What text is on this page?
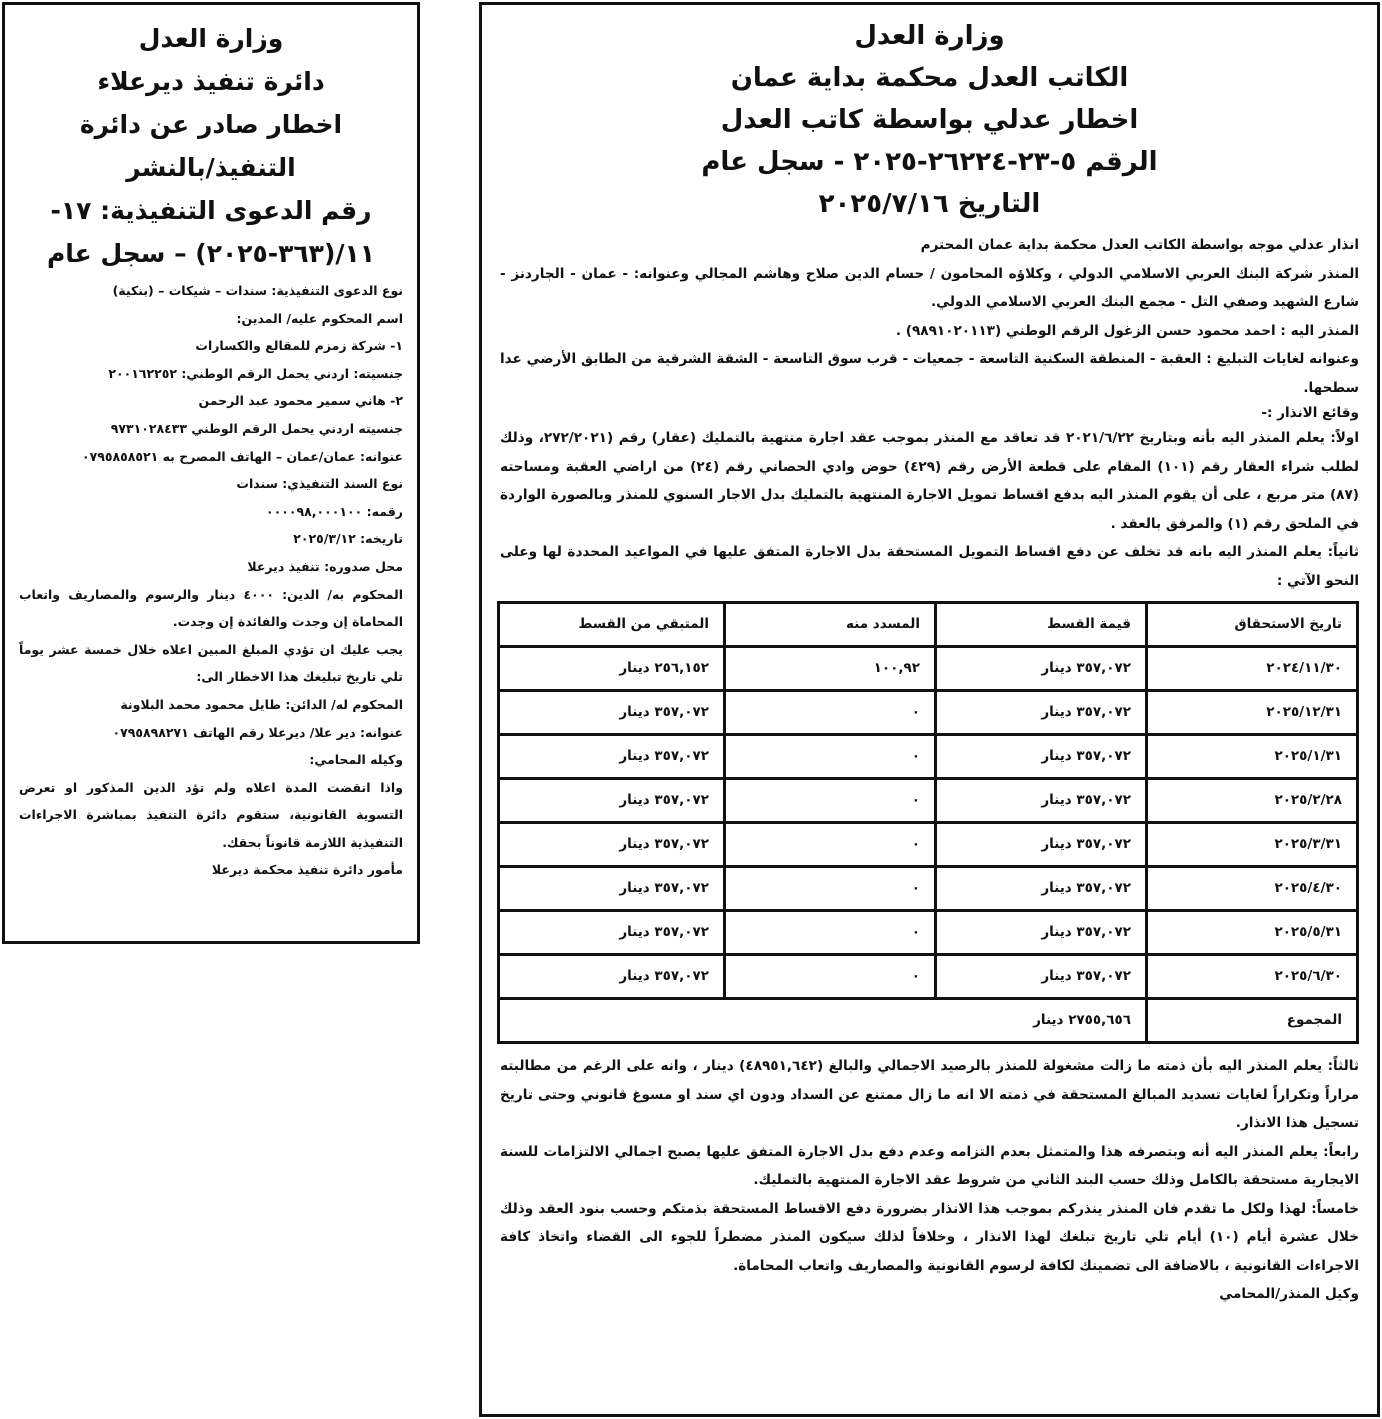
وزارة العدل
دائرة تنفيذ ديرعلاء
اخطار صادر عن دائرة
التنفيذ/بالنشر
رقم الدعوى التنفيذية: ١٧-
١١/(٣٦٣-٢٠٢٥) – سجل عام

نوع الدعوى التنفيذية: سندات – شيكات – (بنكية)

اسم المحكوم عليه/ المدين:

١- شركة زمزم للمقالع والكسارات

جنسيته: اردني يحمل الرقم الوطني: ٢٠٠١٦٢٢٥٢

٢- هاني سمير محمود عبد الرحمن

جنسيته اردني يحمل الرقم الوطني ٩٧٣١٠٢٨٤٣٣

عنوانه: عمان/عمان – الهاتف المصرح به ٠٧٩٥٨٥٨٥٢١

نوع السند التنفيذي: سندات

رقمه: ٠٠٠٠٩٨,٠٠٠١٠٠

تاريخه: ٢٠٢٥/٣/١٢

محل صدوره: تنفيذ ديرعلا

المحكوم به/ الدين: ٤٠٠٠ دينار والرسوم والمصاريف واتعاب المحاماة إن وجدت والفائدة إن وجدت.

يجب عليك ان تؤدي المبلغ المبين اعلاه خلال خمسة عشر يوماً تلي تاريخ تبليغك هذا الاخطار الى:

المحكوم له/ الدائن: طايل محمود محمد البلاونة

عنوانه: دير علا/ ديرعلا رقم الهاتف ٠٧٩٥٨٩٨٢٧١

وكيله المحامي:

واذا انقضت المدة اعلاه ولم تؤد الدين المذكور او تعرض التسوية القانونية، ستقوم دائرة التنفيذ بمباشرة الاجراءات التنفيذية اللازمة قانوناً بحقك.

مأمور دائرة تنفيذ محكمة ديرعلا

وزارة العدل
الكاتب العدل محكمة بداية عمان
اخطار عدلي بواسطة كاتب العدل
الرقم ٥-٢٣-٢٦٢٢٤-٢٠٢٥ - سجل عام
التاريخ ٢٠٢٥/٧/١٦

انذار عدلي موجه بواسطة الكاتب العدل محكمة بداية عمان المحترم

المنذر شركة البنك العربي الاسلامي الدولي ، وكلاؤه المحامون / حسام الدين صلاح وهاشم المجالي وعنوانه: - عمان - الجاردنز - شارع الشهيد وصفي التل - مجمع البنك العربي الاسلامي الدولي.

المنذر اليه : احمد محمود حسن الزغول الرقم الوطني (٩٨٩١٠٢٠١١٣) .

وعنوانه لغايات التبليغ : العقبة - المنطقة السكنية التاسعة - جمعيات - قرب سوق التاسعة - الشقة الشرقية من الطابق الأرضي عدا سطحها.

وقائع الانذار :-

اولاً: يعلم المنذر اليه بأنه وبتاريخ ٢٠٢١/٦/٢٢ قد تعاقد مع المنذر بموجب عقد اجارة منتهية بالتمليك (عقار) رقم (٢٧٢/٢٠٢١، وذلك لطلب شراء العقار رقم (١٠١) المقام على قطعة الأرض رقم (٤٢٩) حوض وادي الحصاني رقم (٢٤) من اراضي العقبة ومساحته (٨٧) متر مربع ، على أن يقوم المنذر اليه بدفع اقساط تمويل الاجارة المنتهية بالتمليك بدل الاجار السنوي للمنذر وبالصورة الواردة في الملحق رقم (١) والمرفق بالعقد .

ثانياً: يعلم المنذر اليه بانه قد تخلف عن دفع اقساط التمويل المستحقة بدل الاجارة المتفق عليها في المواعيد المحددة لها وعلى النحو الآتي :

تاريخ الاستحقاق	قيمة القسط	المسدد منه	المتبقي من القسط
٢٠٢٤/١١/٣٠	٣٥٧,٠٧٢ دينار	١٠٠,٩٢	٢٥٦,١٥٢ دينار
٢٠٢٥/١٢/٣١	٣٥٧,٠٧٢ دينار	٠	٣٥٧,٠٧٢ دينار
٢٠٢٥/١/٣١	٣٥٧,٠٧٢ دينار	٠	٣٥٧,٠٧٢ دينار
٢٠٢٥/٢/٢٨	٣٥٧,٠٧٢ دينار	٠	٣٥٧,٠٧٢ دينار
٢٠٢٥/٣/٣١	٣٥٧,٠٧٢ دينار	٠	٣٥٧,٠٧٢ دينار
٢٠٢٥/٤/٣٠	٣٥٧,٠٧٢ دينار	٠	٣٥٧,٠٧٢ دينار
٢٠٢٥/٥/٣١	٣٥٧,٠٧٢ دينار	٠	٣٥٧,٠٧٢ دينار
٢٠٢٥/٦/٣٠	٣٥٧,٠٧٢ دينار	٠	٣٥٧,٠٧٢ دينار
المجموع	٢٧٥٥,٦٥٦ دينار		

ثالثاً: يعلم المنذر اليه بأن ذمته ما زالت مشغولة للمنذر بالرصيد الاجمالي والبالغ (٤٨٩٥١,٦٤٢) دينار ، وانه على الرغم من مطالبته مراراً وتكراراً لغايات تسديد المبالغ المستحقة في ذمته الا انه ما زال ممتنع عن السداد ودون اي سند او مسوغ قانوني وحتى تاريخ تسجيل هذا الانذار.

رابعاً: يعلم المنذر اليه أنه وبتصرفه هذا والمتمثل بعدم التزامه وعدم دفع بدل الاجارة المتفق عليها يصبح اجمالي الالتزامات للسنة الايجارية مستحقة بالكامل وذلك حسب البند الثاني من شروط عقد الاجارة المنتهية بالتمليك.

خامساً: لهذا ولكل ما تقدم فان المنذر ينذركم بموجب هذا الانذار بضرورة دفع الاقساط المستحقة بذمتكم وحسب بنود العقد وذلك خلال عشرة أيام (١٠) أيام تلي تاريخ تبلغك لهذا الانذار ، وخلافاً لذلك سيكون المنذر مضطراً للجوء الى القضاء واتخاذ كافة الاجراءات القانونية ، بالاضافة الى تضمينك لكافة لرسوم القانونية والمصاريف واتعاب المحاماة.

وكيل المنذر/المحامي
